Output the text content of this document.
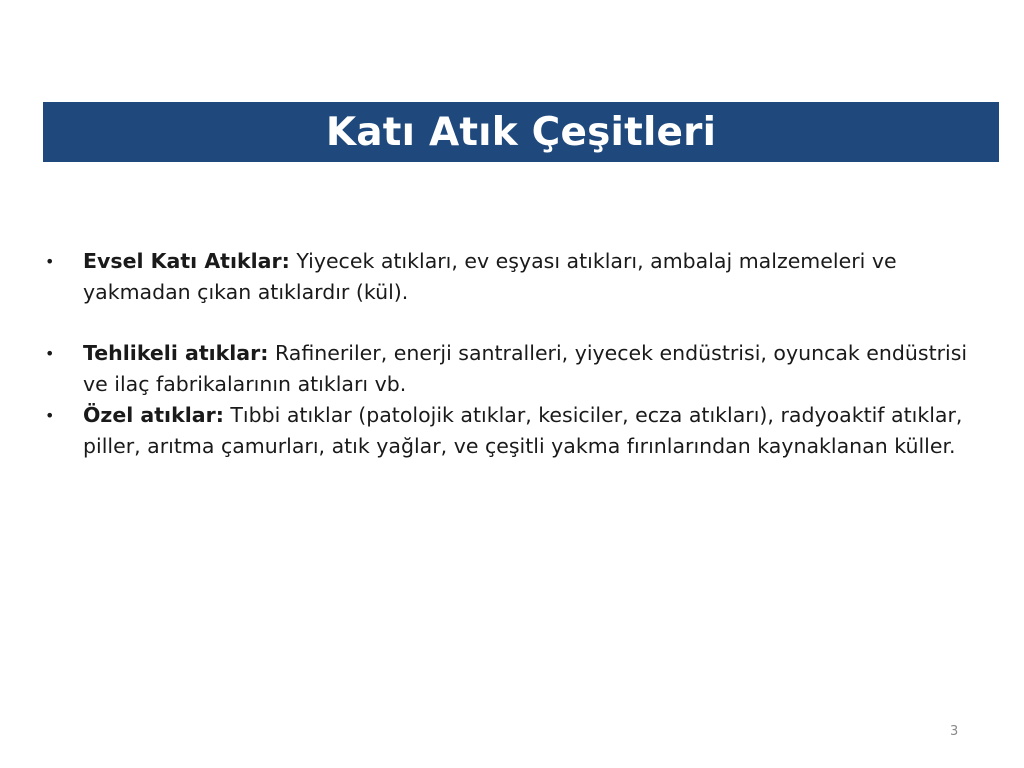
Katı Atık Çeşitleri
• Evsel Katı Atıklar: Yiyecek atıkları, ev eşyası atıkları, ambalaj malzemeleri ve yakmadan çıkan atıklardır (kül).
• Tehlikeli atıklar: Rafineriler, enerji santralleri, yiyecek endüstrisi, oyuncak endüstrisi ve ilaç fabrikalarının atıkları vb.
• Özel atıklar: Tıbbi atıklar (patolojik atıklar, kesiciler, ecza atıkları), radyoaktif atıklar, piller, arıtma çamurları, atık yağlar, ve çeşitli yakma fırınlarından kaynaklanan küller.
3
